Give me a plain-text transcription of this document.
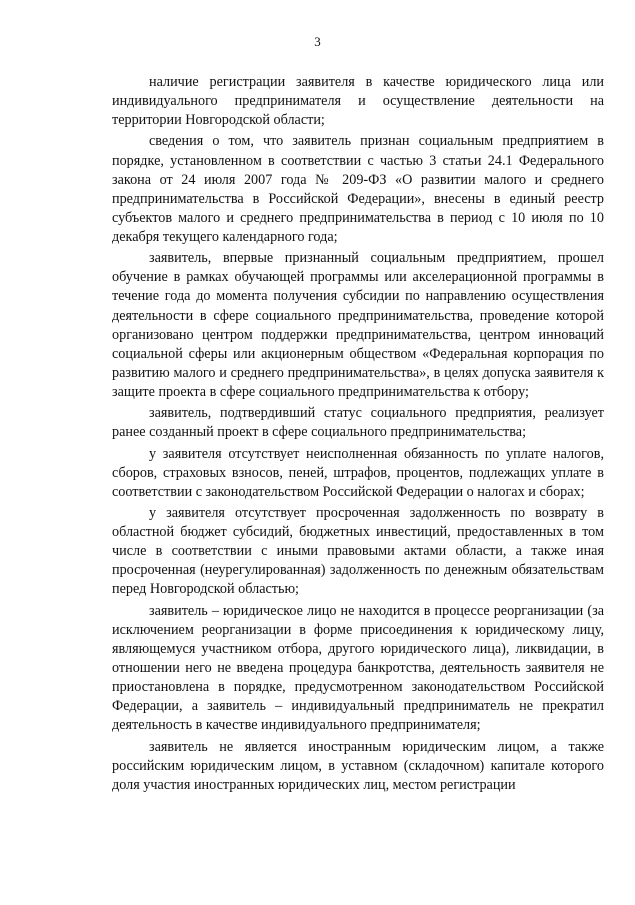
3

наличие регистрации заявителя в качестве юридического лица или индивидуального предпринимателя и осуществление деятельности на территории Новгородской области;

сведения о том, что заявитель признан социальным предприятием в порядке, установленном в соответствии с частью 3 статьи 24.1 Федерального закона от 24 июля 2007 года № 209-ФЗ «О развитии малого и среднего предпринимательства в Российской Федерации», внесены в единый реестр субъектов малого и среднего предпринимательства в период с 10 июля по 10 декабря текущего календарного года;

заявитель, впервые признанный социальным предприятием, прошел обучение в рамках обучающей программы или акселерационной программы в течение года до момента получения субсидии по направлению осуществления деятельности в сфере социального предпринимательства, проведение которой организовано центром поддержки предпринимательства, центром инноваций социальной сферы или акционерным обществом «Федеральная корпорация по развитию малого и среднего предпринимательства», в целях допуска заявителя к защите проекта в сфере социального предпринимательства к отбору;

заявитель, подтвердивший статус социального предприятия, реализует ранее созданный проект в сфере социального предпринимательства;

у заявителя отсутствует неисполненная обязанность по уплате налогов, сборов, страховых взносов, пеней, штрафов, процентов, подлежащих уплате в соответствии с законодательством Российской Федерации о налогах и сборах;

у заявителя отсутствует просроченная задолженность по возврату в областной бюджет субсидий, бюджетных инвестиций, предоставленных в том числе в соответствии с иными правовыми актами области, а также иная просроченная (неурегулированная) задолженность по денежным обязательствам перед Новгородской областью;

заявитель – юридическое лицо не находится в процессе реорганизации (за исключением реорганизации в форме присоединения к юридическому лицу, являющемуся участником отбора, другого юридического лица), ликвидации, в отношении него не введена процедура банкротства, деятельность заявителя не приостановлена в порядке, предусмотренном законодательством Российской Федерации, а заявитель – индивидуальный предприниматель не прекратил деятельность в качестве индивидуального предпринимателя;

заявитель не является иностранным юридическим лицом, а также российским юридическим лицом, в уставном (складочном) капитале которого доля участия иностранных юридических лиц, местом регистрации
